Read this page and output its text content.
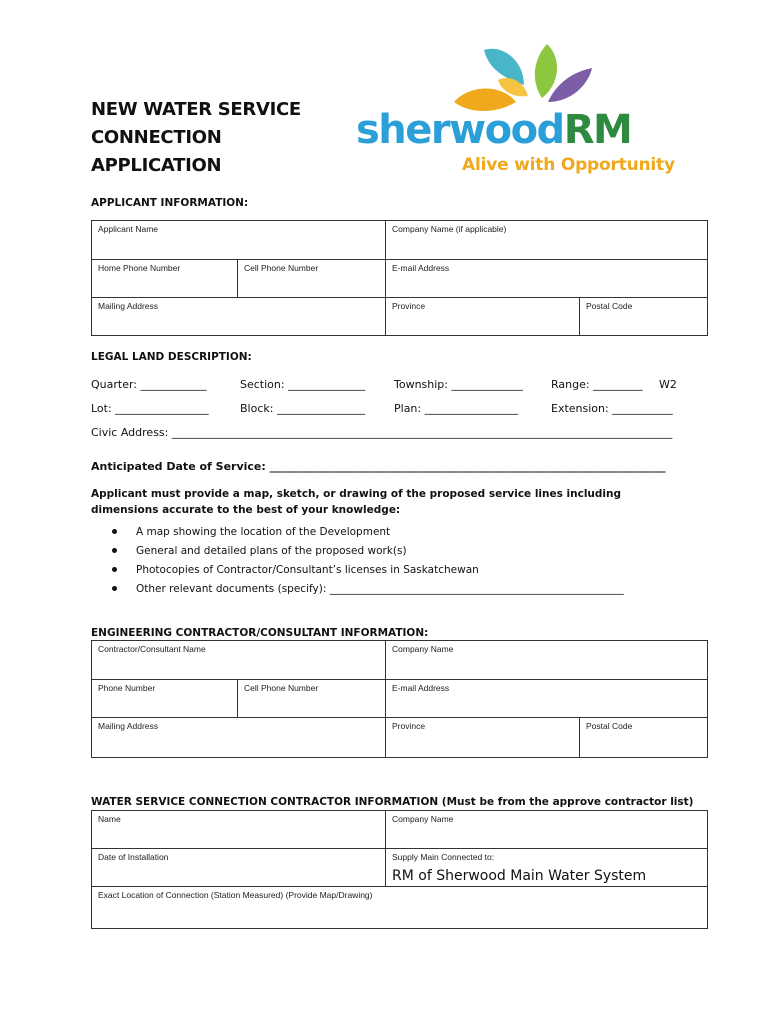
NEW WATER SERVICE
CONNECTION
APPLICATION
sherwoodRM
Alive with Opportunity
APPLICANT INFORMATION:
Applicant Name		Company Name (if applicable)	
Home Phone Number	Cell Phone Number	E-mail Address	
Mailing Address		Province	Postal Code
LEGAL LAND DESCRIPTION:
Quarter: ____________	Section: ______________	Township: _____________	Range: _________ W2
Lot: _________________	Block: ________________	Plan: _________________	Extension: ___________
Civic Address: ___________________________________________________________________________________________
Anticipated Date of Service: ________________________________________________________________________
Applicant must provide a map, sketch, or drawing of the proposed service lines including dimensions accurate to the best of your knowledge:
A map showing the location of the Development
General and detailed plans of the proposed work(s)
Photocopies of Contractor/Consultant’s licenses in Saskatchewan
Other relevant documents (specify): ________________________________________________________
ENGINEERING CONTRACTOR/CONSULTANT INFORMATION:
Contractor/Consultant Name		Company Name	
Phone Number	Cell Phone Number	E-mail Address	
Mailing Address		Province	Postal Code
WATER SERVICE CONNECTION CONTRACTOR INFORMATION (Must be from the approve contractor list)
Name	Company Name
Date of Installation	Supply Main Connected to:
RM of Sherwood Main Water System

Exact Location of Connection (Station Measured) (Provide Map/Drawing)	
